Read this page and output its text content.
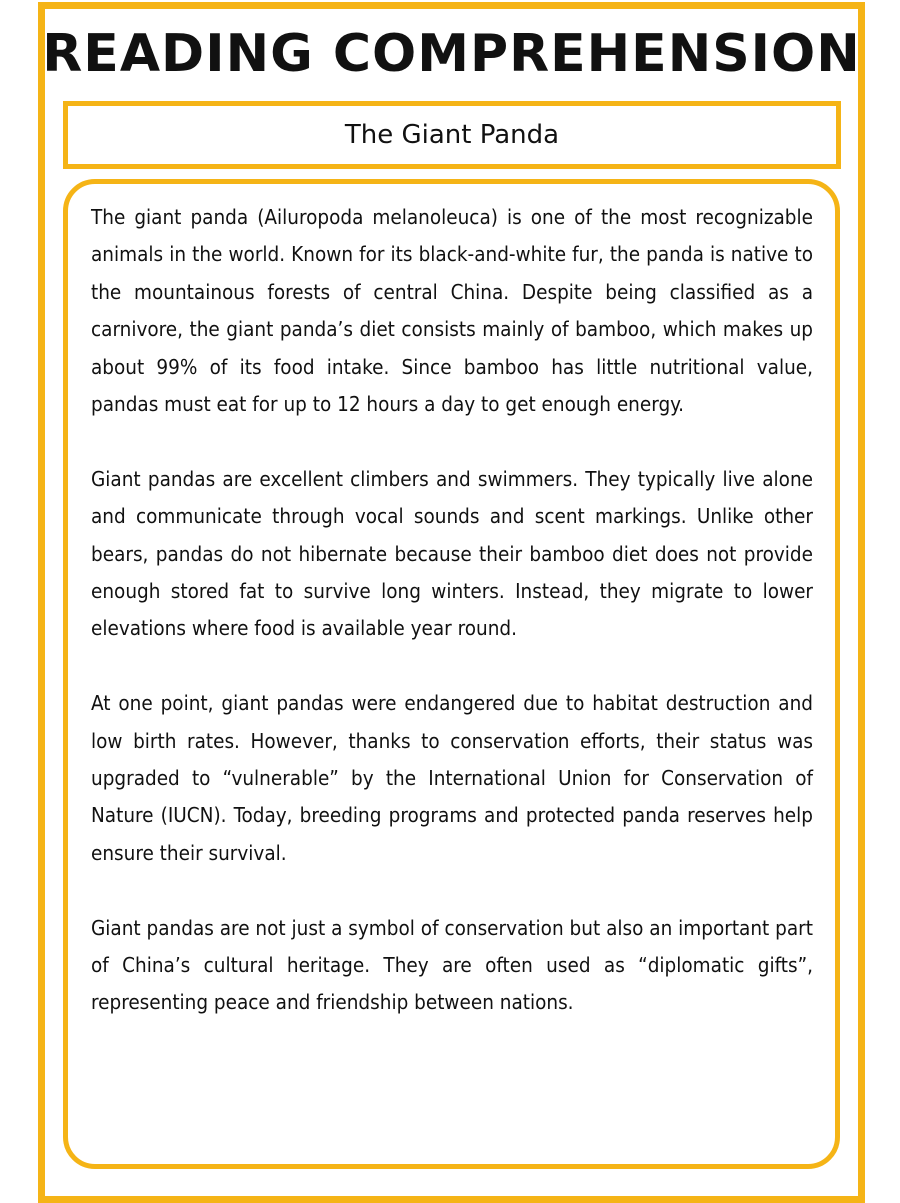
READING COMPREHENSION
The Giant Panda

The giant panda (Ailuropoda melanoleuca) is one of the most recognizable animals in the world. Known for its black-and-white fur, the panda is native to the mountainous forests of central China. Despite being classified as a carnivore, the giant panda’s diet consists mainly of bamboo, which makes up about 99% of its food intake. Since bamboo has little nutritional value, pandas must eat for up to 12 hours a day to get enough energy.

Giant pandas are excellent climbers and swimmers. They typically live alone and communicate through vocal sounds and scent markings. Unlike other bears, pandas do not hibernate because their bamboo diet does not provide enough stored fat to survive long winters. Instead, they migrate to lower elevations where food is available year round.

At one point, giant pandas were endangered due to habitat destruction and low birth rates. However, thanks to conservation efforts, their status was upgraded to “vulnerable” by the International Union for Conservation of Nature (IUCN). Today, breeding programs and protected panda reserves help ensure their survival.

Giant pandas are not just a symbol of conservation but also an important part of China’s cultural heritage. They are often used as “diplomatic gifts”, representing peace and friendship between nations.
